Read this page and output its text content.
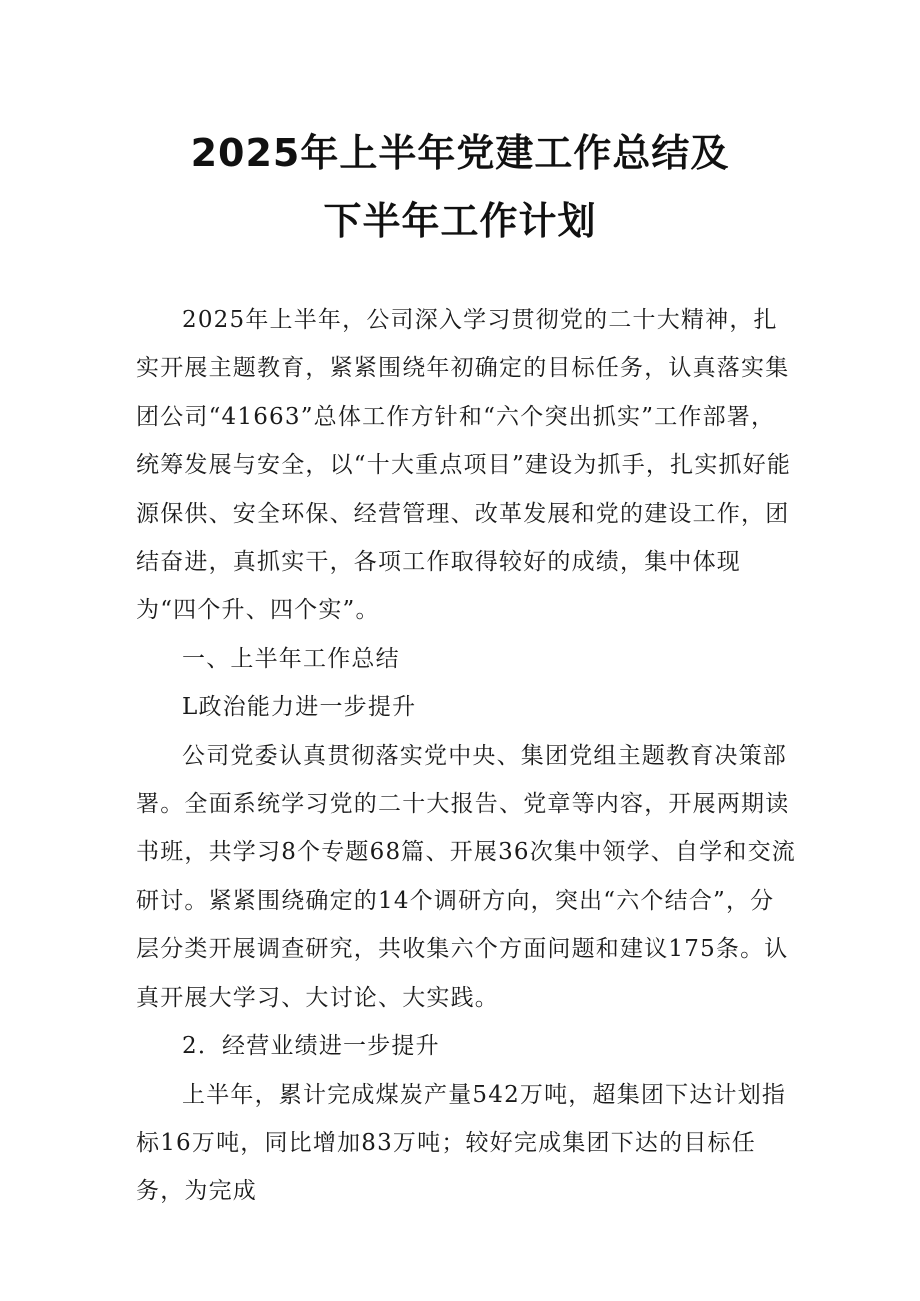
2025年上半年党建工作总结及
下半年工作计划

2025年上半年，公司深入学习贯彻党的二十大精神，扎实开展主题教育，紧紧围绕年初确定的目标任务，认真落实集团公司“41663”总体工作方针和“六个突出抓实”工作部署，统筹发展与安全，以“十大重点项目”建设为抓手，扎实抓好能源保供、安全环保、经营管理、改革发展和党的建设工作，团结奋进，真抓实干，各项工作取得较好的成绩，集中体现为“四个升、四个实”。

一、上半年工作总结

L政治能力进一步提升

公司党委认真贯彻落实党中央、集团党组主题教育决策部署。全面系统学习党的二十大报告、党章等内容，开展两期读书班，共学习8个专题68篇、开展36次集中领学、自学和交流研讨。紧紧围绕确定的14个调研方向，突出“六个结合”，分层分类开展调查研究，共收集六个方面问题和建议175条。认真开展大学习、大讨论、大实践。

2．经营业绩进一步提升

上半年，累计完成煤炭产量542万吨，超集团下达计划指标16万吨，同比增加83万吨；较好完成集团下达的目标任务，为完成
